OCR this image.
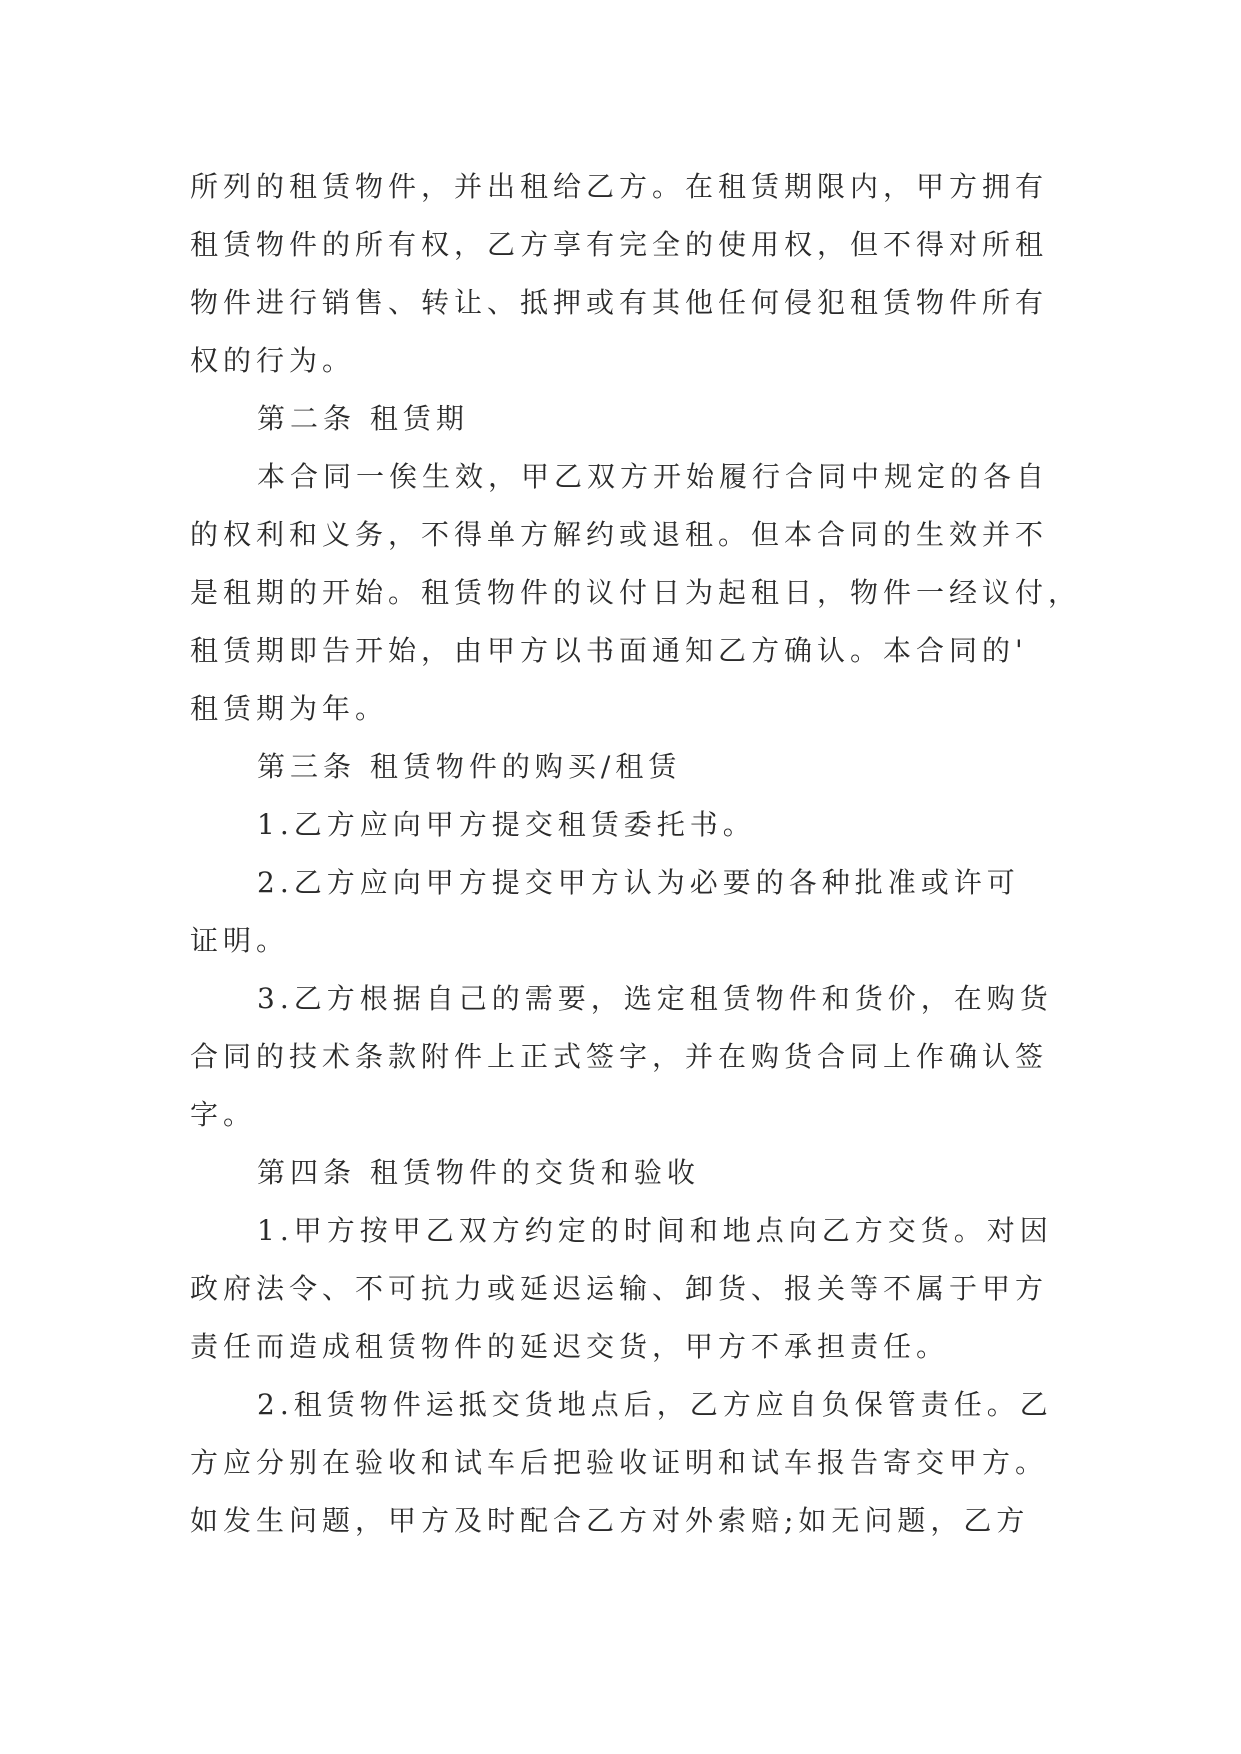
所列的租赁物件，并出租给乙方。在租赁期限内，甲方拥有
租赁物件的所有权，乙方享有完全的使用权，但不得对所租
物件进行销售、转让、抵押或有其他任何侵犯租赁物件所有
权的行为。
第二条 租赁期
本合同一俟生效，甲乙双方开始履行合同中规定的各自
的权利和义务，不得单方解约或退租。但本合同的生效并不
是租期的开始。租赁物件的议付日为起租日，物件一经议付，
租赁期即告开始，由甲方以书面通知乙方确认。本合同的'
租赁期为年。
第三条 租赁物件的购买/租赁
1.乙方应向甲方提交租赁委托书。
2.乙方应向甲方提交甲方认为必要的各种批准或许可
证明。
3.乙方根据自己的需要，选定租赁物件和货价，在购货
合同的技术条款附件上正式签字，并在购货合同上作确认签
字。
第四条 租赁物件的交货和验收
1.甲方按甲乙双方约定的时间和地点向乙方交货。对因
政府法令、不可抗力或延迟运输、卸货、报关等不属于甲方
责任而造成租赁物件的延迟交货，甲方不承担责任。
2.租赁物件运抵交货地点后，乙方应自负保管责任。乙
方应分别在验收和试车后把验收证明和试车报告寄交甲方。
如发生问题，甲方及时配合乙方对外索赔;如无问题，乙方
